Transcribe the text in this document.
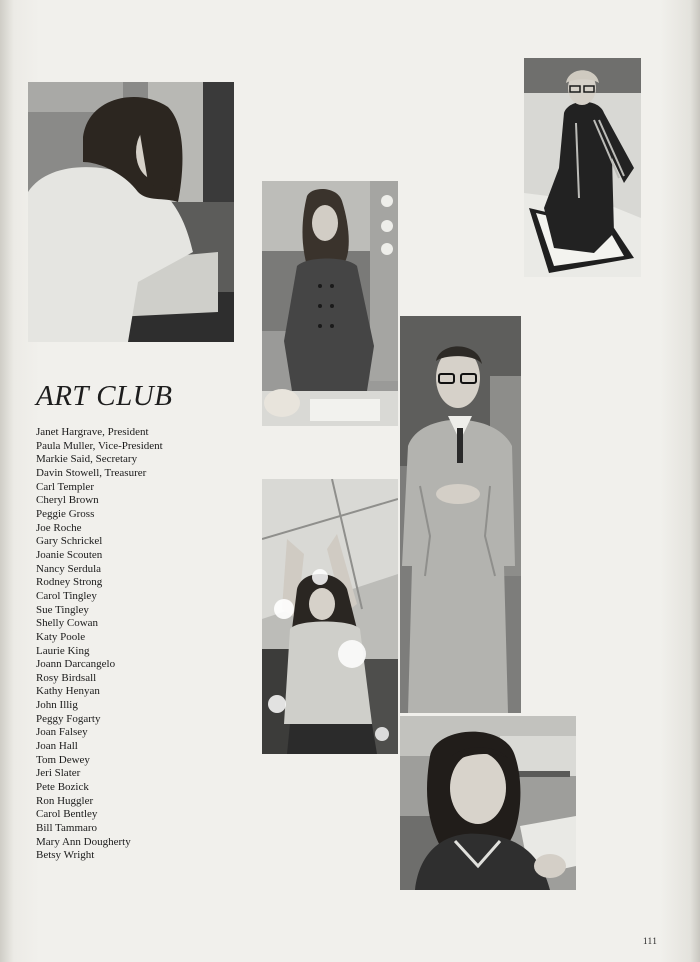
ART CLUB
Janet Hargrave, President
Paula Muller, Vice-President
Markie Said, Secretary
Davin Stowell, Treasurer
Carl Templer
Cheryl Brown
Peggie Gross
Joe Roche
Gary Schrickel
Joanie Scouten
Nancy Serdula
Rodney Strong
Carol Tingley
Sue Tingley
Shelly Cowan
Katy Poole
Laurie King
Joann Darcangelo
Rosy Birdsall
Kathy Henyan
John Illig
Peggy Fogarty
Joan Falsey
Joan Hall
Tom Dewey
Jeri Slater
Pete Bozick
Ron Huggler
Carol Bentley
Bill Tammaro
Mary Ann Dougherty
Betsy Wright
111
